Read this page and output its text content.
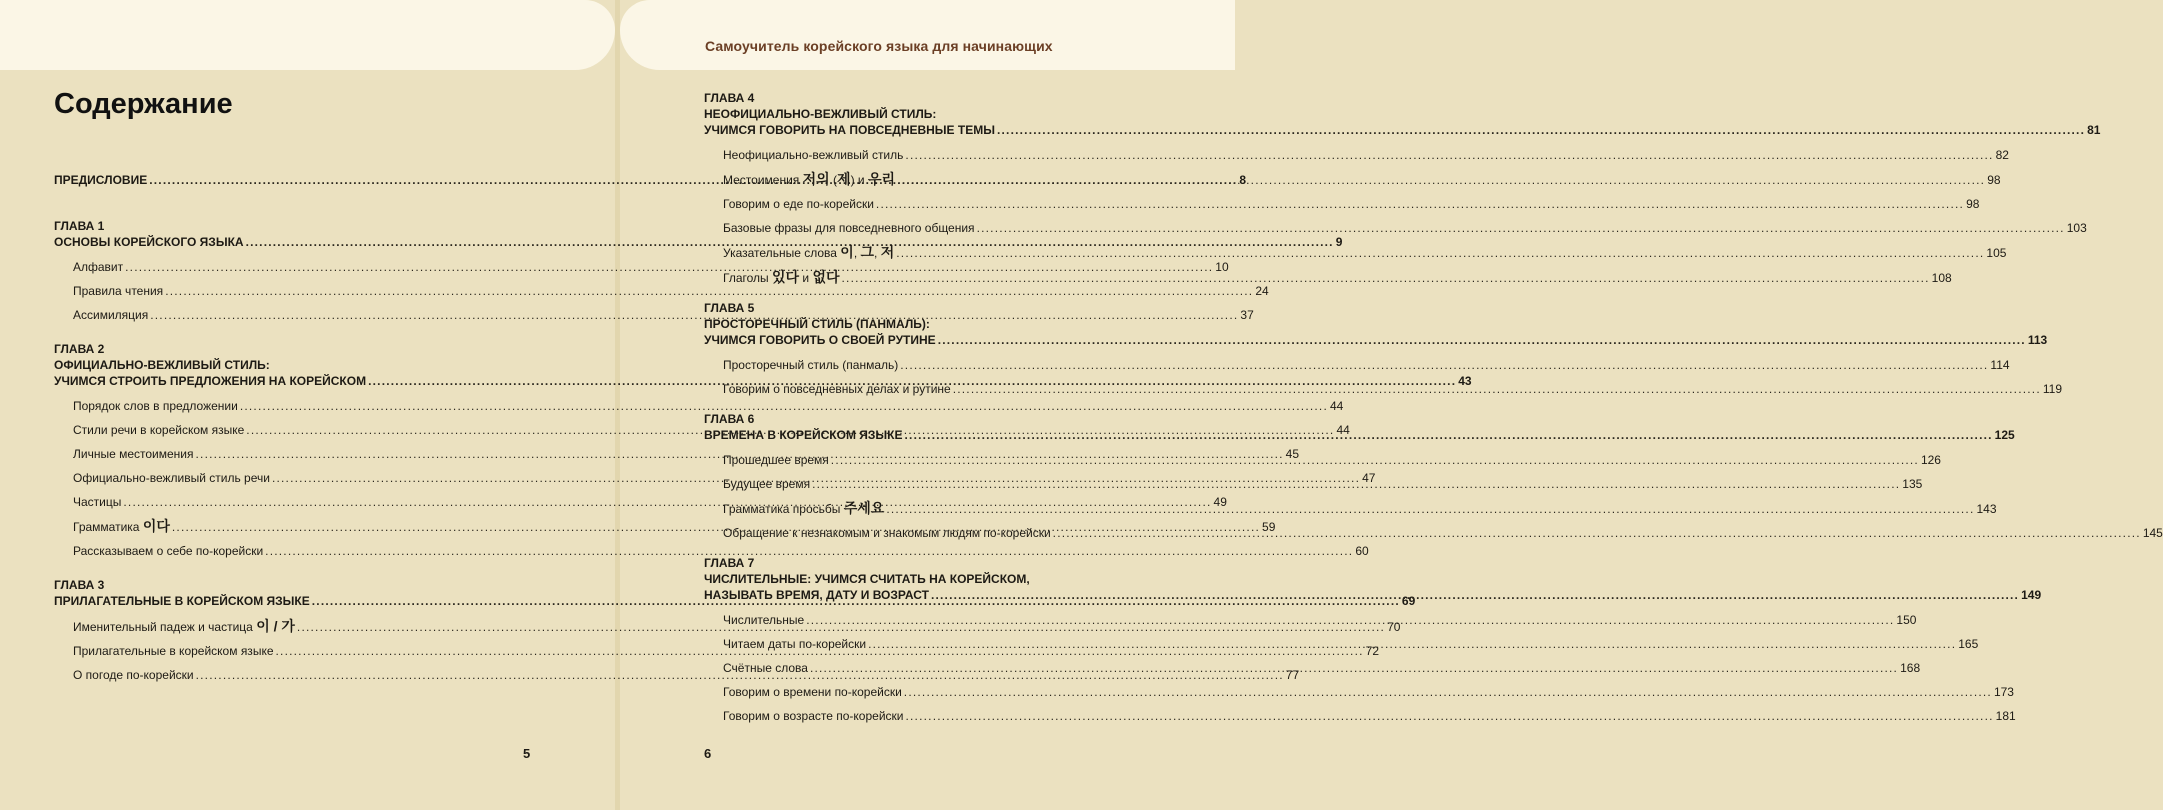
Самоучитель корейского языка для начинающих
Содержание
ПРЕДИСЛОВИЕ .....	8
ГЛАВА 1
ОСНОВЫ КОРЕЙСКОГО ЯЗЫКА .....	9
Алфавит .....	10
Правила чтения .....	24
Ассимиляция .....	37
ГЛАВА 2
ОФИЦИАЛЬНО-ВЕЖЛИВЫЙ СТИЛЬ:
УЧИМСЯ СТРОИТЬ ПРЕДЛОЖЕНИЯ НА КОРЕЙСКОМ .....	43
Порядок слов в предложении .....	44
Стили речи в корейском языке .....	44
Личные местоимения .....	45
Официально-вежливый стиль речи .....	47
Частицы .....	49
Грамматика 이다 .....	59
Рассказываем о себе по-корейски .....	60
ГЛАВА 3
ПРИЛАГАТЕЛЬНЫЕ В КОРЕЙСКОМ ЯЗЫКЕ .....	69
Именительный падеж и частица 이 / 가 .....	70
Прилагательные в корейском языке .....	72
О погоде по-корейски .....	77
5
ГЛАВА 4
НЕОФИЦИАЛЬНО-ВЕЖЛИВЫЙ СТИЛЬ:
УЧИМСЯ ГОВОРИТЬ НА ПОВСЕДНЕВНЫЕ ТЕМЫ .....	81
Неофициально-вежливый стиль .....	82
Местоимения 저의 (제) и 우리 .....	98
Говорим о еде по-корейски .....	98
Базовые фразы для повседневного общения .....	103
Указательные слова 이, 그, 저 .....	105
Глаголы 있다 и 없다 .....	108
ГЛАВА 5
ПРОСТОРЕЧНЫЙ СТИЛЬ (ПАНМАЛЬ):
УЧИМСЯ ГОВОРИТЬ О СВОЕЙ РУТИНЕ .....	113
Просторечный стиль (панмаль) .....	114
Говорим о повседневных делах и рутине .....	119
ГЛАВА 6
ВРЕМЕНА В КОРЕЙСКОМ ЯЗЫКЕ .....	125
Прошедшее время .....	126
Будущее время .....	135
Грамматика просьбы 주세요 .....	143
Обращение к незнакомым и знакомым людям по-корейски .....	145
ГЛАВА 7
ЧИСЛИТЕЛЬНЫЕ: УЧИМСЯ СЧИТАТЬ НА КОРЕЙСКОМ,
НАЗЫВАТЬ ВРЕМЯ, ДАТУ И ВОЗРАСТ .....	149
Числительные .....	150
Читаем даты по-корейски .....	165
Счётные слова .....	168
Говорим о времени по-корейски .....	173
Говорим о возрасте по-корейски .....	181
6
